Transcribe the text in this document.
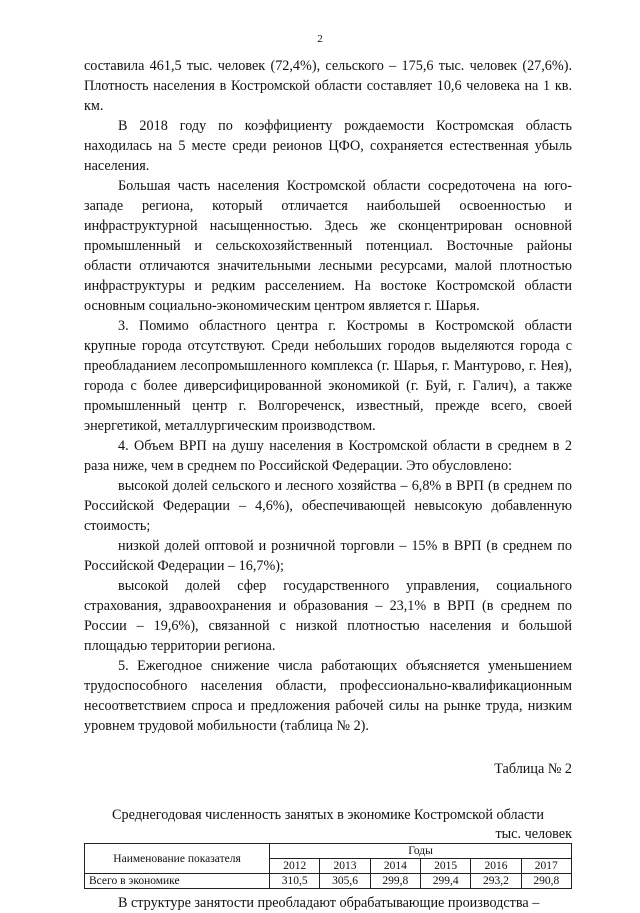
2

составила 461,5 тыс. человек (72,4%), сельского – 175,6 тыс. человек (27,6%). Плотность населения в Костромской области составляет 10,6 человека на 1 кв. км.

В 2018 году по коэффициенту рождаемости Костромская область находилась на 5 месте среди реионов ЦФО, сохраняется естественная убыль населения.

Большая часть населения Костромской области сосредоточена на юго-западе региона, который отличается наибольшей освоенностью и инфраструктурной насыщенностью. Здесь же сконцентрирован основной промышленный и сельскохозяйственный потенциал. Восточные районы области отличаются значительными лесными ресурсами, малой плотностью инфраструктуры и редким расселением. На востоке Костромской области основным социально-экономическим центром является г. Шарья.

3. Помимо областного центра г. Костромы в Костромской области крупные города отсутствуют. Среди небольших городов выделяются города с преобладанием лесопромышленного комплекса (г. Шарья, г. Мантурово, г. Нея), города с более диверсифицированной экономикой (г. Буй, г. Галич), а также промышленный центр г. Волгореченск, известный, прежде всего, своей энергетикой, металлургическим производством.

4. Объем ВРП на душу населения в Костромской области в среднем в 2 раза ниже, чем в среднем по Российской Федерации. Это обусловлено:

высокой долей сельского и лесного хозяйства – 6,8% в ВРП (в среднем по Российской Федерации – 4,6%), обеспечивающей невысокую добавленную стоимость;

низкой долей оптовой и розничной торговли – 15% в ВРП (в среднем по Российской Федерации – 16,7%);

высокой долей сфер государственного управления, социального страхования, здравоохранения и образования – 23,1% в ВРП (в среднем по России – 19,6%), связанной с низкой плотностью населения и большой площадью территории региона.

5. Ежегодное снижение числа работающих объясняется уменьшением трудоспособного населения области, профессионально-квалификационным несоответствием спроса и предложения рабочей силы на рынке труда, низким уровнем трудовой мобильности (таблица № 2).

Таблица № 2
Среднегодовая численность занятых в экономике Костромской области
тыс. человек
Наименование показателя	Годы					
	2012	2013	2014	2015	2016	2017
Всего в экономике	310,5	305,6	299,8	299,4	293,2	290,8

В структуре занятости преобладают обрабатывающие производства –
